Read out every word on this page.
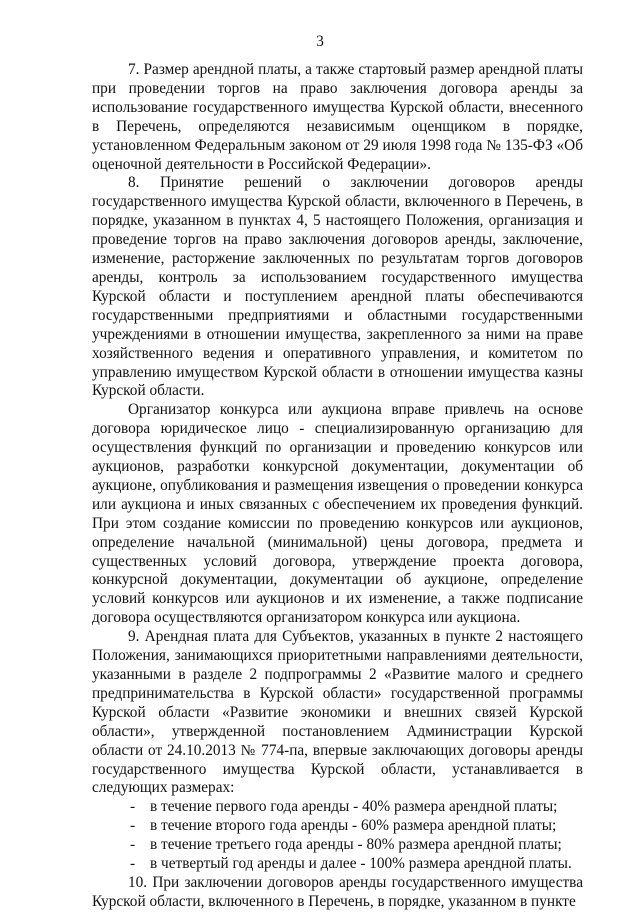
3

7. Размер арендной платы, а также стартовый размер арендной платы при проведении торгов на право заключения договора аренды за использование государственного имущества Курской области, внесенного в Перечень, определяются независимым оценщиком в порядке, установленном Федеральным законом от 29 июля 1998 года № 135-ФЗ «Об оценочной деятельности в Российской Федерации».

8. Принятие решений о заключении договоров аренды государственного имущества Курской области, включенного в Перечень, в порядке, указанном в пунктах 4, 5 настоящего Положения, организация и проведение торгов на право заключения договоров аренды, заключение, изменение, расторжение заключенных по результатам торгов договоров аренды, контроль за использованием государственного имущества Курской области и поступлением арендной платы обеспечиваются государственными предприятиями и областными государственными учреждениями в отношении имущества, закрепленного за ними на праве хозяйственного ведения и оперативного управления, и комитетом по управлению имуществом Курской области в отношении имущества казны Курской области.

Организатор конкурса или аукциона вправе привлечь на основе договора юридическое лицо - специализированную организацию для осуществления функций по организации и проведению конкурсов или аукционов, разработки конкурсной документации, документации об аукционе, опубликования и размещения извещения о проведении конкурса или аукциона и иных связанных с обеспечением их проведения функций. При этом создание комиссии по проведению конкурсов или аукционов, определение начальной (минимальной) цены договора, предмета и существенных условий договора, утверждение проекта договора, конкурсной документации, документации об аукционе, определение условий конкурсов или аукционов и их изменение, а также подписание договора осуществляются организатором конкурса или аукциона.

9. Арендная плата для Субъектов, указанных в пункте 2 настоящего Положения, занимающихся приоритетными направлениями деятельности, указанными в разделе 2 подпрограммы 2 «Развитие малого и среднего предпринимательства в Курской области» государственной программы Курской области «Развитие экономики и внешних связей Курской области», утвержденной постановлением Администрации Курской области от 24.10.2013 № 774-па, впервые заключающих договоры аренды государственного имущества Курской области, устанавливается в следующих размерах:

- в течение первого года аренды - 40% размера арендной платы;
- в течение второго года аренды - 60% размера арендной платы;
- в течение третьего года аренды - 80% размера арендной платы;
- в четвертый год аренды и далее - 100% размера арендной платы.

10. При заключении договоров аренды государственного имущества Курской области, включенного в Перечень, в порядке, указанном в пункте
